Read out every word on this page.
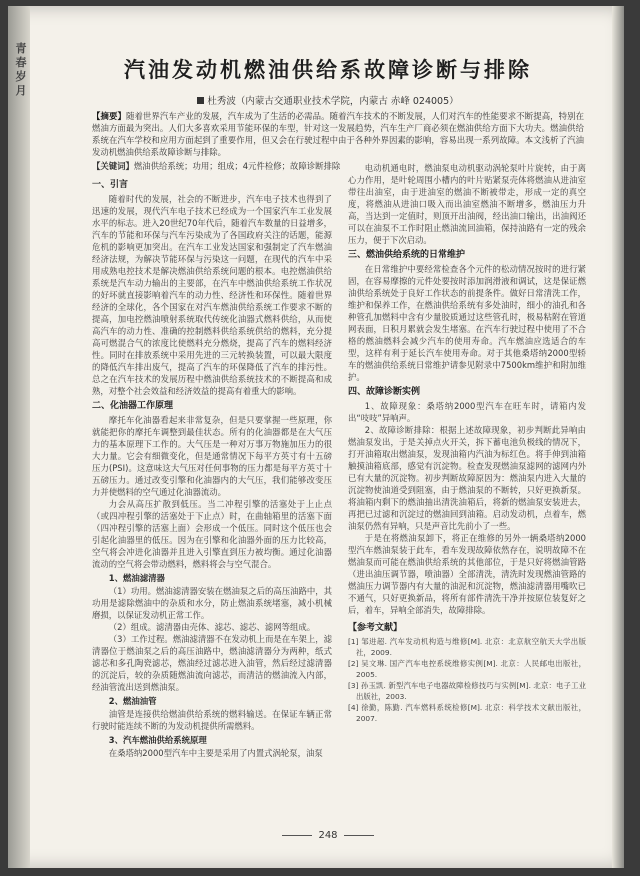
青春岁月
汽油发动机燃油供给系故障诊断与排除
杜秀波（内蒙古交通职业技术学院，内蒙古 赤峰 024005）
【摘要】随着世界汽车产业的发展，汽车成为了生活的必需品。随着汽车技术的不断发展，人们对汽车的性能要求不断提高，特别在燃油方面最为突出。人们大多喜欢采用节能环保的车型，针对这一发展趋势，汽车生产厂商必须在燃油供给方面下大功夫。燃油供给系统在汽车学校和应用方面起到了重要作用，但又会在行驶过程中由于各种外界因素的影响，容易出现一系列故障。本文浅析了汽油发动机燃油供给系故障诊断与排除。
【关键词】燃油供给系统；功用；组成；4元件检修；故障诊断排除
一、引言

随着时代的发展，社会的不断进步，汽车电子技术也得到了迅速的发展，现代汽车电子技术已经成为一个国家汽车工业发展水平的标志。进入20世纪70年代后，随着汽车数量的日益增多，汽车的节能和环保与汽车污染成为了各国政府关注的话题，能源危机的影响更加突出。在汽车工业发达国家和强制定了汽车燃油经济法规，为解决节能环保与污染这一问题，在现代的汽车中采用成熟电控技术是解决燃油供给系统问题的根本。电控燃油供给系统是汽车动力输出的主要部，在汽车中燃油供给系统工作状况的好坏就直接影响着汽车的动力性、经济性和环保性。随着世界经济的全球化，各个国家在对汽车燃油供给系统工作要求不断的提高，加电控燃油喷射系统取代传统化油器式燃料供给，从而使高汽车的动力性、准确的控制燃料供给系统供给的燃料，充分提高可燃混合气的浓度比使燃料充分燃烧，提高了汽车的燃料经济性。同时在排放系统中采用先进的三元转换装置，可以最大限度的降低汽车排出废气，提高了汽车的环保降低了汽车的排污性。总之在汽车技术的发展历程中燃油供给系统技术的不断提高和成熟，对整个社会效益和经济效益的提高有着重大的影响。

二、化油器工作原理

摩托车化油器看起来非常复杂，但是只要掌握一些原理，你就能把你的摩托车调整到最佳状态。所有的化油器都是在大气压力的基本原理下工作的。大气压是一种对万事万物施加压力的很大力量。它会有细微变化，但是通常情况下每平方英寸有十五磅压力(PSI)。这意味这大气压对任何事物的压力都是每平方英寸十五磅压力。通过改变引擎和化油器内的大气压，我们能够改变压力并使燃料的空气通过化油器流动。

力会从高压扩散到低压。当二冲程引擎的活塞处于上止点（或四冲程引擎的活塞处于下止点）时，在曲轴箱里的活塞下面（四冲程引擎的活塞上面）会形成一个低压。同时这个低压也会引起化油器里的低压。因为在引擎和化油器外面的压力比较高，空气将会冲进化油器并且进入引擎直到压力被均衡。通过化油器流动的空气将会带动燃料，燃料将会与空气混合。

1、燃油滤清器

（1）功用。燃油滤清器安装在燃油泵之后的高压油路中，其功用是滤除燃油中的杂质和水分，防止燃油系统堵塞，减小机械磨损，以保证发动机正常工作。

（2）组成。滤清器由壳体、滤芯、滤芯、滤网等组成。

（3）工作过程。燃油滤清器不在发动机上而是在车架上，滤清器位于燃油泵之后的高压油路中，燃油滤清器分为两种，纸式滤芯和多孔陶瓷滤芯，燃油经过滤芯进入油管，然后经过滤清器的沉淀后，较的杂质随燃油流向滤芯，而清洁的燃油流入内部，经油管流出送到燃油泵。

2、燃油油管

油管是连接供给燃油供给系统的燃料输送。在保证车辆正常行驶时能连续不断的为发动机提供所需燃料。

3、汽车燃油供给系统原理

在桑塔纳2000型汽车中主要是采用了内置式涡轮泵，油泵

电动机通电时，燃油泵电动机驱动涡轮泵叶片旋转，由于离心力作用，是叶轮周围小槽内的叶片贴紧泵壳体将燃油从进油室带往出油室，由于进油室的燃油不断被带走，形成一定的真空度，将燃油从进油口吸入而出油室燃油不断增多，燃油压力升高，当达到一定值时，则顶开出油阀，经出油口输出，出油阀还可以在油泵不工作时阻止燃油流回油箱，保持油路有一定的残余压力，便于下次启动。

三、燃油供给系统的日常维护

在日常维护中要经常检查各个元件的松动情况按时的进行紧固，在容易摩擦的元件处要按时添加润滑液和调试，这是保证燃油供给系统处于良好工作状态的前提条件。做好日常清洗工作，维护和保养工作，在燃油供给系统有多处油时，细小的油孔和各种管孔加燃料中含有少量胶质通过这些管孔时，极易粘附在管道网表面，日积月累就会发生堵塞。在汽车行驶过程中使用了不合格的燃油燃料会减少汽车的使用寿命。汽车燃油应选适合的车型，这样有利于延长汽车使用寿命。对于其他桑塔纳2000型轿车的燃油供给系统日常维护请参见附录中7500km维护和附加维护。

四、故障诊断实例

1、故障现象：桑塔纳2000型汽车在旺车时，请箱内发出“吱吱”异响声。

2、故障诊断排除：根据上述故障现象，初步判断此异响由燃油泵发出，于是关掉点火开关，拆下蓄电池负极线的情况下，打开油箱取出燃油泵，发现油箱内汽油为标红色。将手伸到油箱触摸油箱底部，感觉有沉淀物。检查发现燃油泵滤网的滤网内外已有大量的沉淀物。初步判断故障原因为：燃油泵内进入大量的沉淀物使油道受到阻塞，由于燃油泵的不断转，只好更换新泵。将油箱内剩下的燃油抽出清洗油箱后，将新的燃油泵安装进去，再把已过滤和沉淀过的燃油回到油箱。启动发动机，点着车，燃油泵仍然有异响，只是声音比先前小了一些。

于是在将燃油泵卸下，将正在维修的另外一辆桑塔纳2000型汽车燃油泵装于此车，看车发现故障依然存在，说明故障不在燃油泵而可能在燃油供给系统的其他部位，于是只好将燃油管路（进出油压调节器，喷油器）全部清洗，清洗时发现燃油管路的燃油压力调节器内有大量的油泥和沉淀物，燃油滤清器用嘴吹已不通气，只好更换新品，将所有部件清洗干净并按原位装复好之后，着车，异响全部消失，故障排除。

【参考文献】

[1] 邹进超. 汽车发动机构造与维修[M]. 北京：北京航空航天大学出版社，2009.

[2] 吴文琳. 国产汽车电控系统维修实例[M]. 北京：人民邮电出版社，2005.

[3] 孙玉凯. 新型汽车电子电器故障检修技巧与实例[M]. 北京：电子工业出版社，2003.

[4] 徐勤，陈勤. 汽车燃料系统检修[M]. 北京：科学技术文献出版社，2007.

248
